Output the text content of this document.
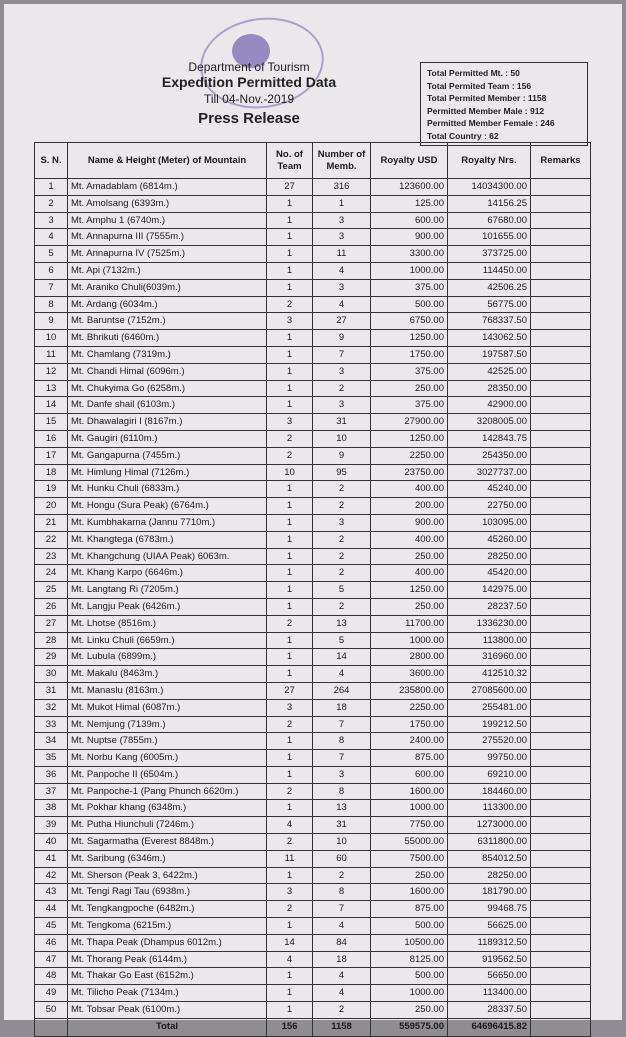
Department of Tourism
Expedition Permitted Data
Till 04-Nov.-2019
Press Release
Total Permitted Mt. : 50
Total Permited Team : 156
Total Permited Member : 1158
Permitted Member Male : 912
Permitted Member Female : 246
Total Country : 62
S. N.	Name & Height (Meter) of Mountain	No. of Team	Number of Memb.	Royalty USD	Royalty Nrs.	Remarks
1	Mt. Amadablam (6814m.)	27	316	123600.00	14034300.00	
2	Mt. Amolsang (6393m.)	1	1	125.00	14156.25	
3	Mt. Amphu 1 (6740m.)	1	3	600.00	67680.00	
4	Mt. Annapurna III (7555m.)	1	3	900.00	101655.00	
5	Mt. Annapurna IV (7525m.)	1	11	3300.00	373725.00	
6	Mt. Api (7132m.)	1	4	1000.00	114450.00	
7	Mt. Araniko Chuli(6039m.)	1	3	375.00	42506.25	
8	Mt. Ardang (6034m.)	2	4	500.00	56775.00	
9	Mt. Baruntse (7152m.)	3	27	6750.00	768337.50	
10	Mt. Bhrikuti (6460m.)	1	9	1250.00	143062.50	
11	Mt. Chamlang (7319m.)	1	7	1750.00	197587.50	
12	Mt. Chandi Himal (6096m.)	1	3	375.00	42525.00	
13	Mt. Chukyima Go (6258m.)	1	2	250.00	28350.00	
14	Mt. Danfe shail (6103m.)	1	3	375.00	42900.00	
15	Mt. Dhawalagiri I (8167m.)	3	31	27900.00	3208005.00	
16	Mt. Gaugiri (6110m.)	2	10	1250.00	142843.75	
17	Mt. Gangapurna (7455m.)	2	9	2250.00	254350.00	
18	Mt. Himlung Himal (7126m.)	10	95	23750.00	3027737.00	
19	Mt. Hunku Chuli (6833m.)	1	2	400.00	45240.00	
20	Mt. Hongu (Sura Peak) (6764m.)	1	2	200.00	22750.00	
21	Mt. Kumbhakarna (Jannu 7710m.)	1	3	900.00	103095.00	
22	Mt. Khangtega (6783m.)	1	2	400.00	45260.00	
23	Mt. Khangchung (UIAA Peak) 6063m.	1	2	250.00	28250.00	
24	Mt. Khang Karpo (6646m.)	1	2	400.00	45420.00	
25	Mt. Langtang Ri (7205m.)	1	5	1250.00	142975.00	
26	Mt. Langju Peak (6426m.)	1	2	250.00	28237.50	
27	Mt. Lhotse (8516m.)	2	13	11700.00	1336230.00	
28	Mt. Linku Chuli (6659m.)	1	5	1000.00	113800.00	
29	Mt. Lubula (6899m.)	1	14	2800.00	316960.00	
30	Mt. Makalu (8463m.)	1	4	3600.00	412510.32	
31	Mt. Manaslu (8163m.)	27	264	235800.00	27085600.00	
32	Mt. Mukot Himal (6087m.)	3	18	2250.00	255481.00	
33	Mt. Nemjung (7139m.)	2	7	1750.00	199212.50	
34	Mt. Nuptse (7855m.)	1	8	2400.00	275520.00	
35	Mt. Norbu Kang (6005m.)	1	7	875.00	99750.00	
36	Mt. Panpoche II (6504m.)	1	3	600.00	69210.00	
37	Mt. Panpoche-1 (Pang Phunch 6620m.)	2	8	1600.00	184460.00	
38	Mt. Pokhar khang (6348m.)	1	13	1000.00	113300.00	
39	Mt. Putha Hiunchuli (7246m.)	4	31	7750.00	1273000.00	
40	Mt. Sagarmatha (Everest 8848m.)	2	10	55000.00	6311800.00	
41	Mt. Saribung (6346m.)	11	60	7500.00	854012.50	
42	Mt. Sherson (Peak 3, 6422m.)	1	2	250.00	28250.00	
43	Mt. Tengi Ragi Tau (6938m.)	3	8	1600.00	181790.00	
44	Mt. Tengkangpoche (6482m.)	2	7	875.00	99468.75	
45	Mt. Tengkoma (6215m.)	1	4	500.00	56625.00	
46	Mt. Thapa Peak (Dhampus 6012m.)	14	84	10500.00	1189312.50	
47	Mt. Thorang Peak (6144m.)	4	18	8125.00	919562.50	
48	Mt. Thakar Go East (6152m.)	1	4	500.00	56650.00	
49	Mt. Tilicho Peak (7134m.)	1	4	1000.00	113400.00	
50	Mt. Tobsar Peak (6100m.)	1	2	250.00	28337.50	
	Total	156	1158	559575.00	64696415.82	
